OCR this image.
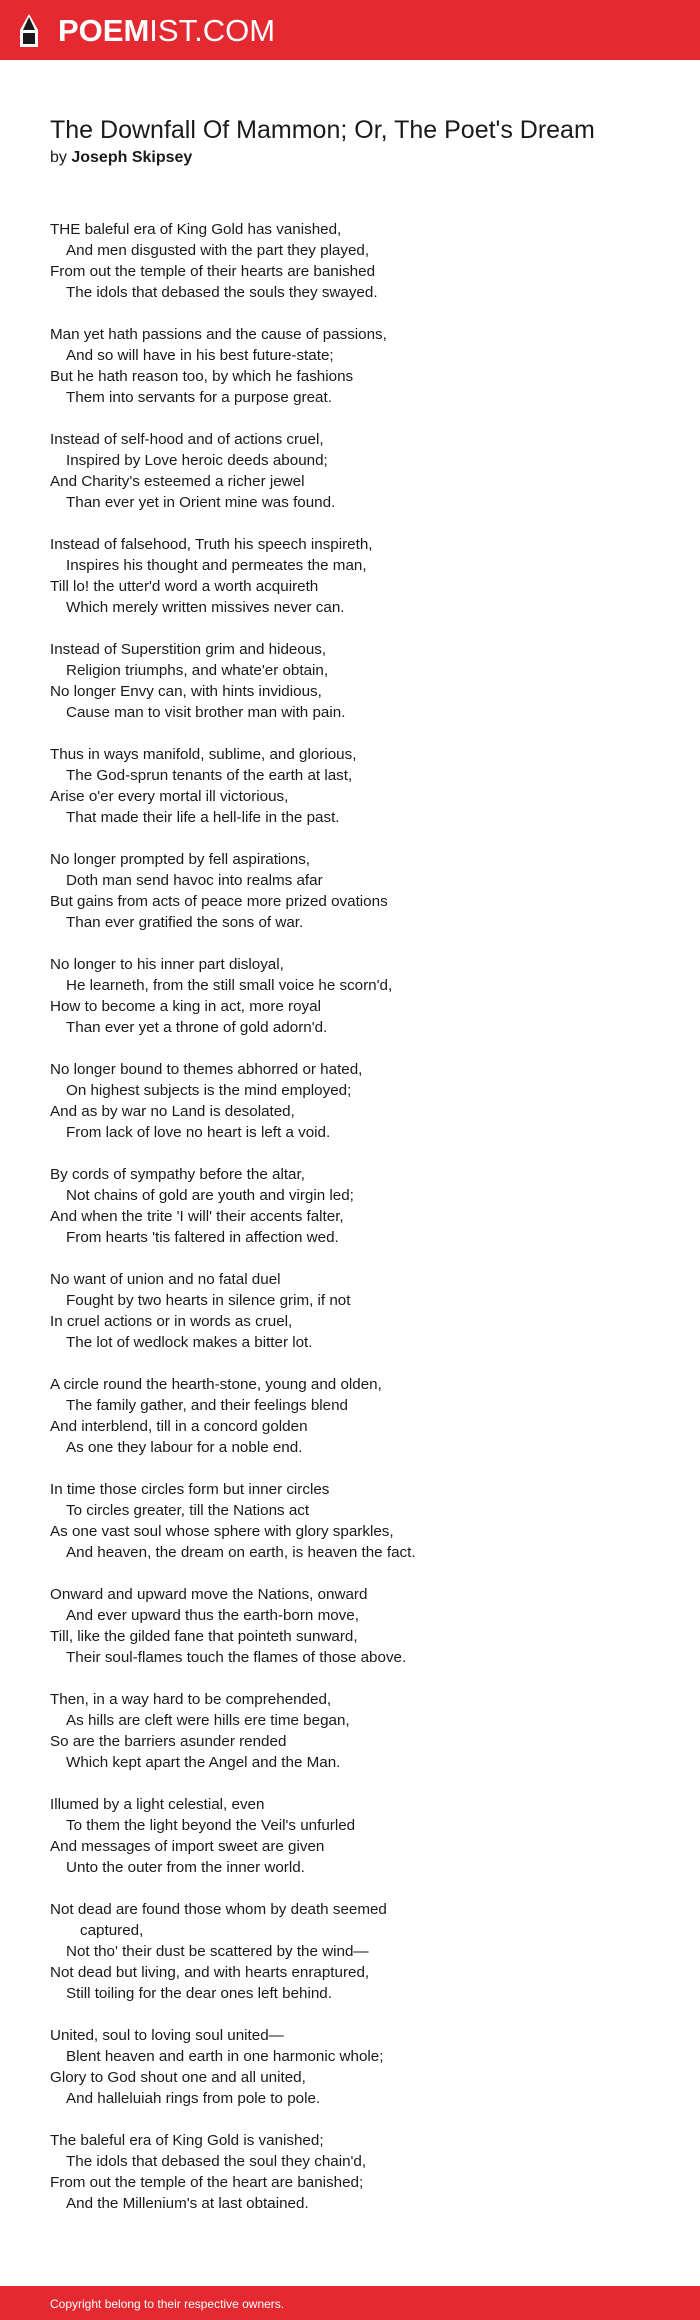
POEMIST.COM
The Downfall Of Mammon; Or, The Poet's Dream
by Joseph Skipsey
THE baleful era of King Gold has vanished,
And men disgusted with the part they played,
From out the temple of their hearts are banished
The idols that debased the souls they swayed.
Man yet hath passions and the cause of passions,
And so will have in his best future-state;
But he hath reason too, by which he fashions
Them into servants for a purpose great.
Instead of self-hood and of actions cruel,
Inspired by Love heroic deeds abound;
And Charity's esteemed a richer jewel
Than ever yet in Orient mine was found.
Instead of falsehood, Truth his speech inspireth,
Inspires his thought and permeates the man,
Till lo! the utter'd word a worth acquireth
Which merely written missives never can.
Instead of Superstition grim and hideous,
Religion triumphs, and whate'er obtain,
No longer Envy can, with hints invidious,
Cause man to visit brother man with pain.
Thus in ways manifold, sublime, and glorious,
The God-sprun tenants of the earth at last,
Arise o'er every mortal ill victorious,
That made their life a hell-life in the past.
No longer prompted by fell aspirations,
Doth man send havoc into realms afar
But gains from acts of peace more prized ovations
Than ever gratified the sons of war.
No longer to his inner part disloyal,
He learneth, from the still small voice he scorn'd,
How to become a king in act, more royal
Than ever yet a throne of gold adorn'd.
No longer bound to themes abhorred or hated,
On highest subjects is the mind employed;
And as by war no Land is desolated,
From lack of love no heart is left a void.
By cords of sympathy before the altar,
Not chains of gold are youth and virgin led;
And when the trite 'I will' their accents falter,
From hearts 'tis faltered in affection wed.
No want of union and no fatal duel
Fought by two hearts in silence grim, if not
In cruel actions or in words as cruel,
The lot of wedlock makes a bitter lot.
A circle round the hearth-stone, young and olden,
The family gather, and their feelings blend
And interblend, till in a concord golden
As one they labour for a noble end.
In time those circles form but inner circles
To circles greater, till the Nations act
As one vast soul whose sphere with glory sparkles,
And heaven, the dream on earth, is heaven the fact.
Onward and upward move the Nations, onward
And ever upward thus the earth-born move,
Till, like the gilded fane that pointeth sunward,
Their soul-flames touch the flames of those above.
Then, in a way hard to be comprehended,
As hills are cleft were hills ere time began,
So are the barriers asunder rended
Which kept apart the Angel and the Man.
Illumed by a light celestial, even
To them the light beyond the Veil's unfurled
And messages of import sweet are given
Unto the outer from the inner world.
Not dead are found those whom by death seemed
captured,
Not tho' their dust be scattered by the wind—
Not dead but living, and with hearts enraptured,
Still toiling for the dear ones left behind.
United, soul to loving soul united—
Blent heaven and earth in one harmonic whole;
Glory to God shout one and all united,
And halleluiah rings from pole to pole.
The baleful era of King Gold is vanished;
The idols that debased the soul they chain'd,
From out the temple of the heart are banished;
And the Millenium's at last obtained.
Copyright belong to their respective owners.
